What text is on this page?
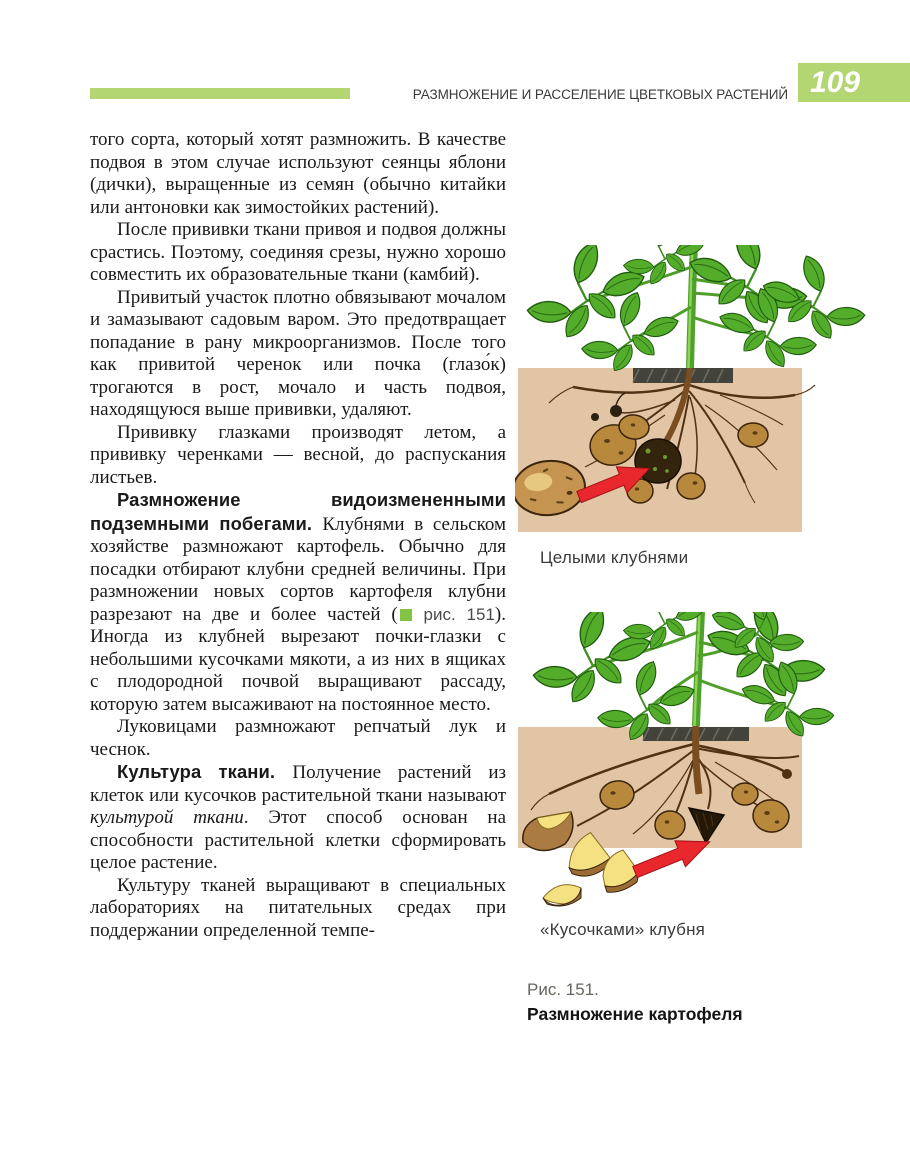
РАЗМНОЖЕНИЕ И РАССЕЛЕНИЕ ЦВЕТКОВЫХ РАСТЕНИЙ 109

того сорта, который хотят размножить. В качестве подвоя в этом случае используют сеянцы яблони (дички), выращенные из семян (обычно китайки или антоновки как зимостойких растений).

После прививки ткани привоя и подвоя должны срастись. Поэтому, соединяя срезы, нужно хорошо совместить их образовательные ткани (камбий).

Привитый участок плотно обвязывают мочалом и замазывают садовым варом. Это предотвращает попадание в рану микроорганизмов. После того как привитой черенок или почка (глазо́к) трогаются в рост, мочало и часть подвоя, находящуюся выше прививки, удаляют.

Прививку глазками производят летом, а прививку черенками — весной, до распускания листьев.

Размножение видоизмененными подземными побегами. Клубнями в сельском хозяйстве размножают картофель. Обычно для посадки отбирают клубни средней величины. При размножении новых сортов картофеля клубни разрезают на две и более частей ( рис. 151). Иногда из клубней вырезают почки-глазки с небольшими кусочками мякоти, а из них в ящиках с плодородной почвой выращивают рассаду, которую затем высаживают на постоянное место.

Луковицами размножают репчатый лук и чеснок.

Культура ткани. Получение растений из клеток или кусочков растительной ткани называют культурой ткани. Этот способ основан на способности растительной клетки сформировать целое растение.

Культуру тканей выращивают в специальных лабораториях на питательных средах при поддержании определенной темпе-

Целыми клубнями
«Кусочками» клубня
Рис. 151.
Размножение картофеля
